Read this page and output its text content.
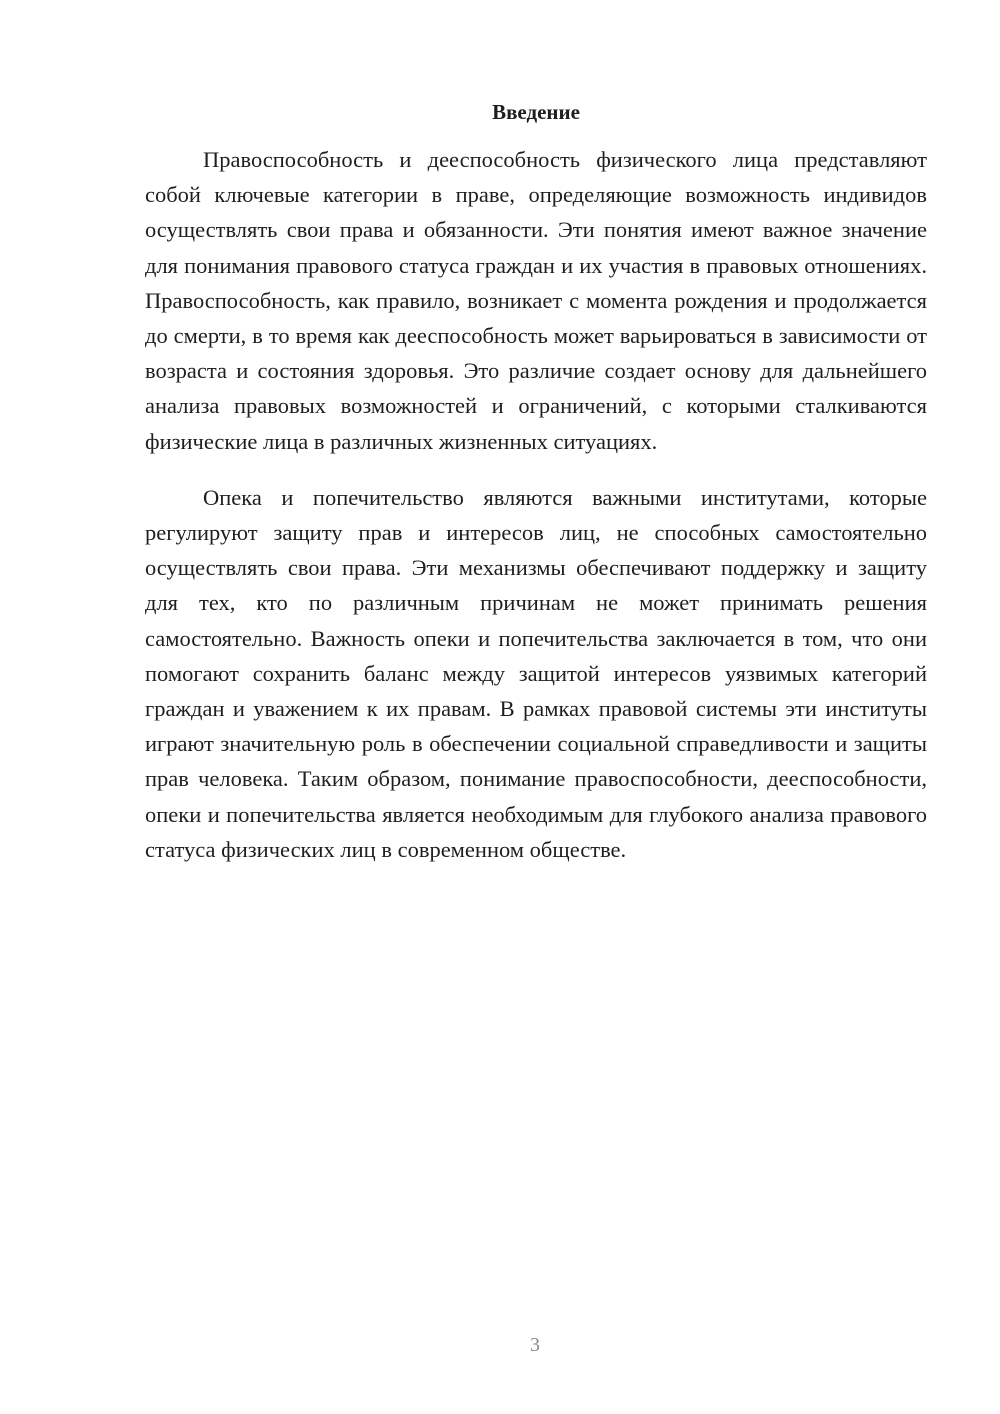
Введение

Правоспособность и дееспособность физического лица представляют собой ключевые категории в праве, определяющие возможность индивидов осуществлять свои права и обязанности. Эти понятия имеют важное значение для понимания правового статуса граждан и их участия в правовых отношениях. Правоспособность, как правило, возникает с момента рождения и продолжается до смерти, в то время как дееспособность может варьироваться в зависимости от возраста и состояния здоровья. Это различие создает основу для дальнейшего анализа правовых возможностей и ограничений, с которыми сталкиваются физические лица в различных жизненных ситуациях.

Опека и попечительство являются важными институтами, которые регулируют защиту прав и интересов лиц, не способных самостоятельно осуществлять свои права. Эти механизмы обеспечивают поддержку и защиту для тех, кто по различным причинам не может принимать решения самостоятельно. Важность опеки и попечительства заключается в том, что они помогают сохранить баланс между защитой интересов уязвимых категорий граждан и уважением к их правам. В рамках правовой системы эти институты играют значительную роль в обеспечении социальной справедливости и защиты прав человека. Таким образом, понимание правоспособности, дееспособности, опеки и попечительства является необходимым для глубокого анализа правового статуса физических лиц в современном обществе.

3
